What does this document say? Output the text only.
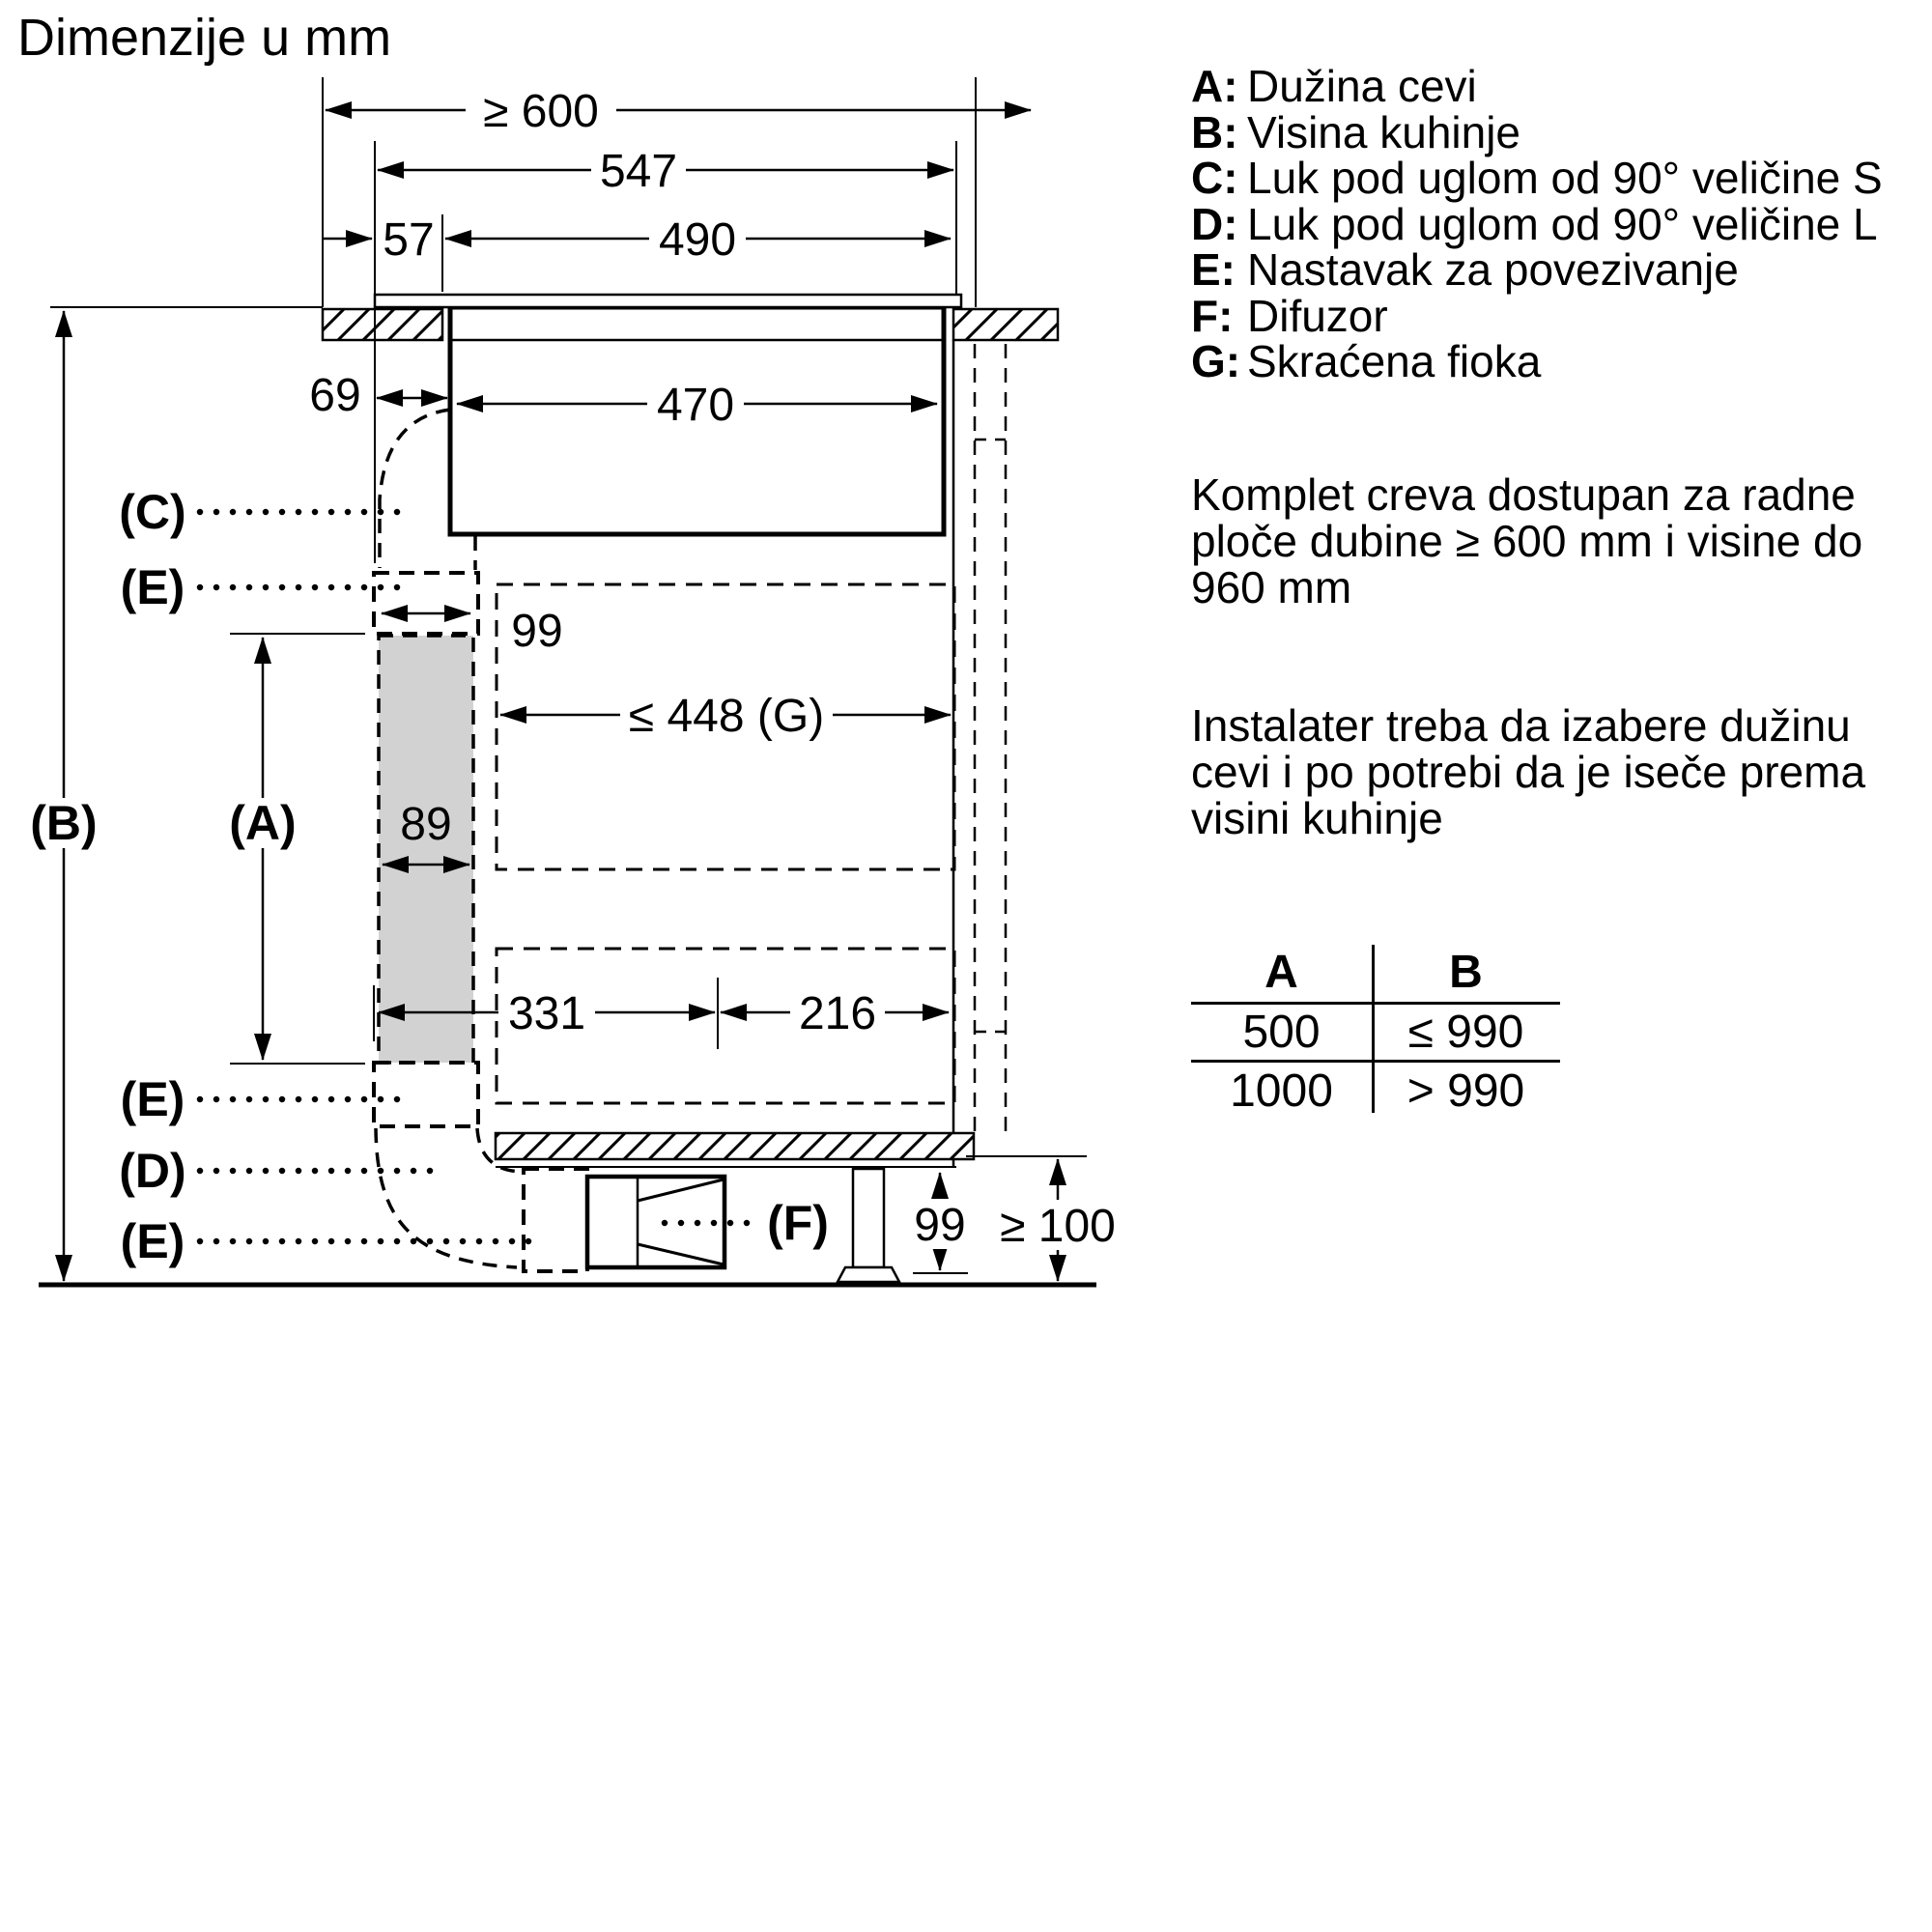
Dimenzije u mm
A: Dužina cevi
B: Visina kuhinje
C: Luk pod uglom od 90° veličine S
D: Luk pod uglom od 90° veličine L
E: Nastavak za povezivanje
F: Difuzor
G: Skraćena fioka
Komplet creva dostupan za radne
ploče dubine ≥ 600 mm i visine do
960 mm
Instalater treba da izabere dužinu
cevi i po potrebi da je iseče prema
visini kuhinje
A	B
500	≤ 990
1000	> 990
≥ 600
547
57	490
69	470
99
89
≤ 448 (G)
331	216
99 ≥ 100
(C)
(E)
(B)	(A)
(E)
(D)
(E)	(F)
